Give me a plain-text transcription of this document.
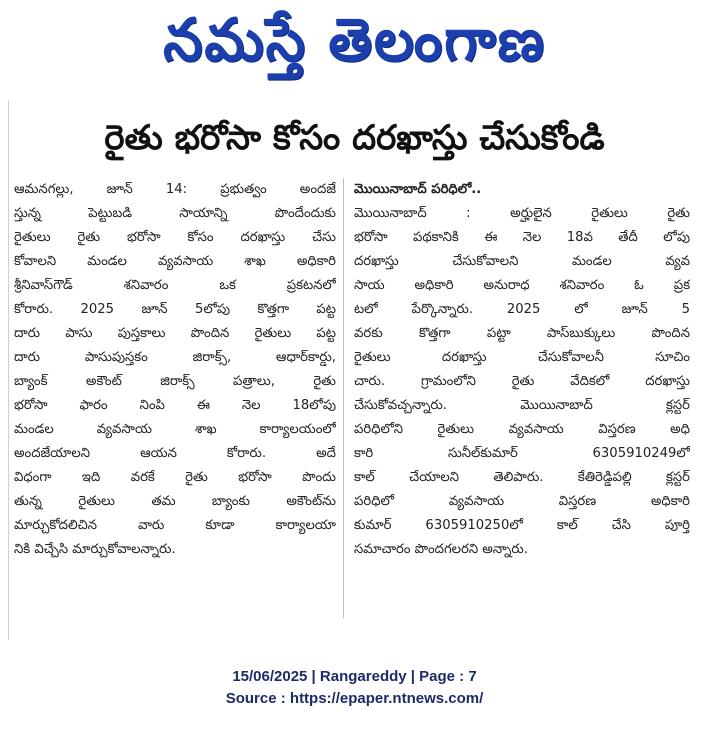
నమస్తే తెలంగాణ
రైతు భరోసా కోసం దరఖాస్తు చేసుకోండి
ఆమనగల్లు, జూన్ 14: ప్రభుత్వం అందజే
స్తున్న పెట్టుబడి సాయాన్ని పొందేందుకు
రైతులు రైతు భరోసా కోసం దరఖాస్తు చేసు
కోవాలని మండల వ్యవసాయ శాఖ అధికారి
శ్రీనివాస్‌గౌడ్ శనివారం ఒక ప్రకటనలో
కోరారు. 2025 జూన్ 5లోపు కొత్తగా పట్ట
దారు పాసు పుస్తకాలు పొందిన రైతులు పట్ట
దారు పాసుపుస్తకం జిరాక్స్, ఆధార్‌కార్డు,
బ్యాంక్ అకౌంట్ జిరాక్స్ పత్రాలు, రైతు
భరోసా ఫారం నింపి ఈ నెల 18లోపు
మండల వ్యవసాయ శాఖ కార్యాలయంలో
అందజేయాలని ఆయన కోరారు. అదే
విధంగా ఇది వరకే రైతు భరోసా పొందు
తున్న రైతులు తమ బ్యాంకు అకౌంట్‌ను
మార్చుకోదలిచిన వారు కూడా కార్యాలయా
నికి విచ్చేసి మార్చుకోవాలన్నారు.
మొయినాబాద్ పరిధిలో..
మొయినాబాద్ : అర్హులైన రైతులు రైతు
భరోసా పథకానికి ఈ నెల 18వ తేదీ లోపు
దరఖాస్తు చేసుకోవాలని మండల వ్యవ
సాయ అధికారి అనురాధ శనివారం ఓ ప్రక
టలో పేర్కొన్నారు. 2025 లో జూన్ 5
వరకు కొత్తగా పట్టా పాస్‌బుక్కులు పొందిన
రైతులు దరఖాస్తు చేసుకోవాలనీ సూచిం
చారు. గ్రామంలోని రైతు వేదికలో దరఖాస్తు
చేసుకోవచ్చన్నారు. మొయినాబాద్ క్లస్టర్
పరిధిలోని రైతులు వ్యవసాయ విస్తరణ అధి
కారి సునీల్‌కుమార్ 6305910249లో
కాల్ చేయాలని తెలిపారు. కేతిరెడ్డిపల్లి క్లస్టర్
పరిధిలో వ్యవసాయ విస్తరణ అధికారి
కుమార్ 6305910250లో కాల్ చేసి పూర్తి
సమాచారం పొందగలరని అన్నారు.
15/06/2025 | Rangareddy | Page : 7
Source : https://epaper.ntnews.com/
